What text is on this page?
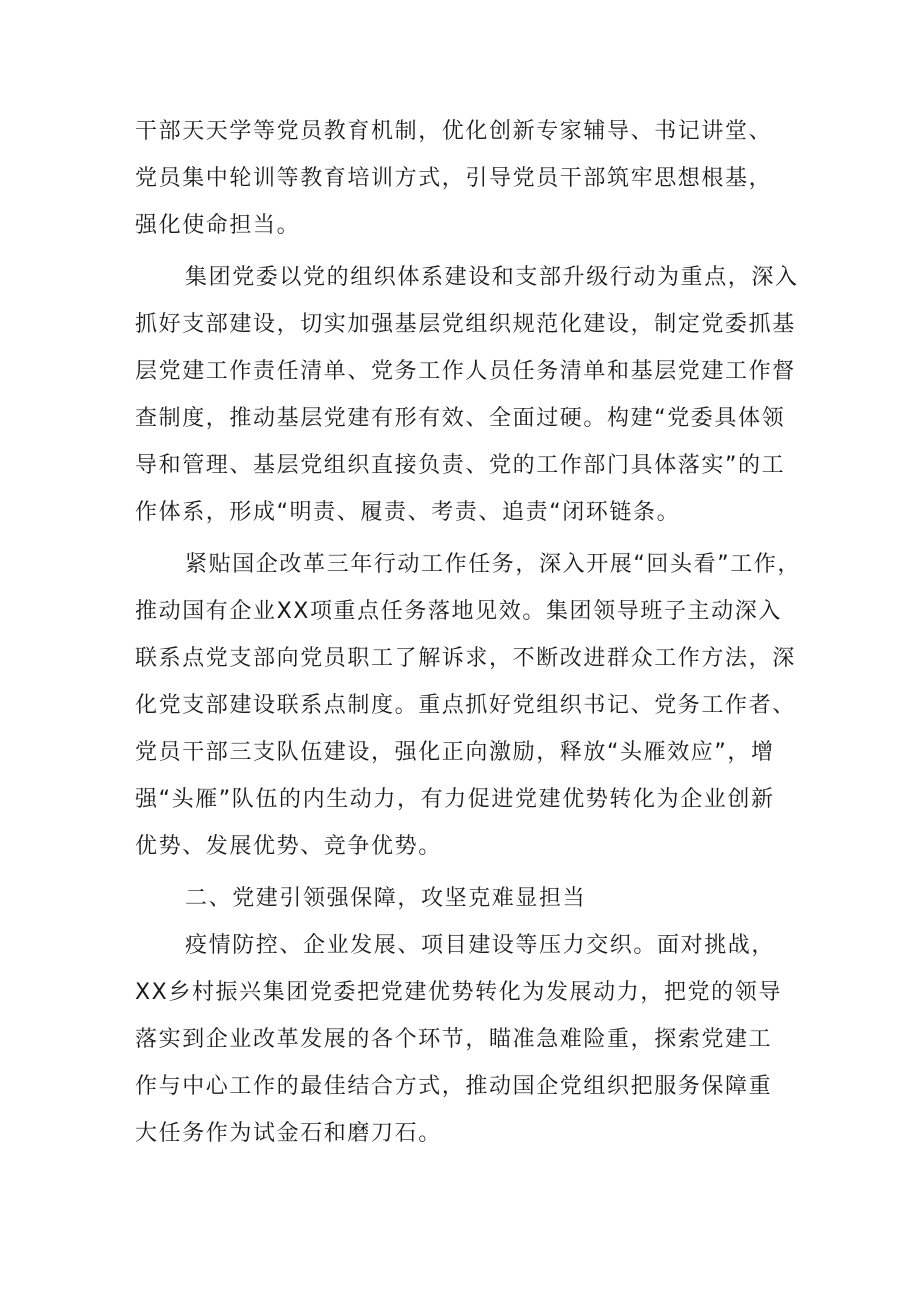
干部天天学等党员教育机制，优化创新专家辅导、书记讲堂、

党员集中轮训等教育培训方式，引导党员干部筑牢思想根基，

强化使命担当。

集团党委以党的组织体系建设和支部升级行动为重点，深入

抓好支部建设，切实加强基层党组织规范化建设，制定党委抓基

层党建工作责任清单、党务工作人员任务清单和基层党建工作督

查制度，推动基层党建有形有效、全面过硬。构建“党委具体领

导和管理、基层党组织直接负责、党的工作部门具体落实”的工

作体系，形成“明责、履责、考责、追责“闭环链条。

紧贴国企改革三年行动工作任务，深入开展“回头看”工作，

推动国有企业XX项重点任务落地见效。集团领导班子主动深入

联系点党支部向党员职工了解诉求，不断改进群众工作方法，深

化党支部建设联系点制度。重点抓好党组织书记、党务工作者、

党员干部三支队伍建设，强化正向激励，释放“头雁效应”，增

强“头雁”队伍的内生动力，有力促进党建优势转化为企业创新

优势、发展优势、竞争优势。

二、党建引领强保障，攻坚克难显担当

疫情防控、企业发展、项目建设等压力交织。面对挑战，

XX乡村振兴集团党委把党建优势转化为发展动力，把党的领导

落实到企业改革发展的各个环节，瞄准急难险重，探索党建工

作与中心工作的最佳结合方式，推动国企党组织把服务保障重

大任务作为试金石和磨刀石。
